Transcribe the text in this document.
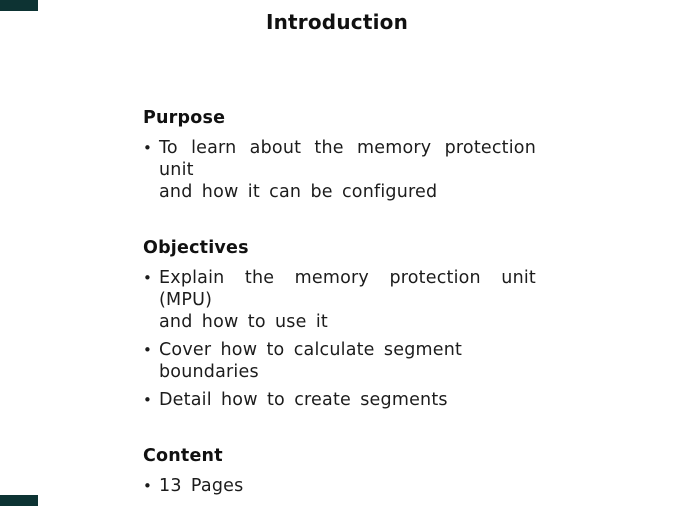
Introduction
Purpose
• To learn about the memory protection unit
and how it can be configured
Objectives
• Explain the memory protection unit (MPU)
and how to use it
• Cover how to calculate segment boundaries
• Detail how to create segments
Content
• 13 Pages
